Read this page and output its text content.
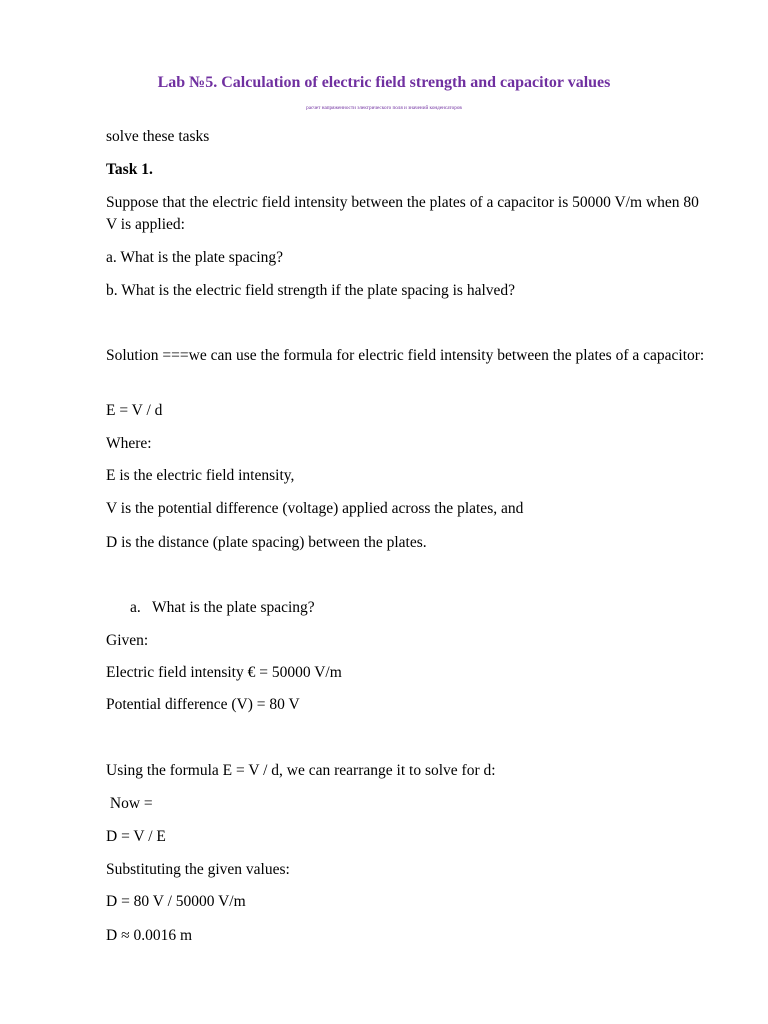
Lab №5. Calculation of electric field strength and capacitor values
расчет напряженности электрического поля и значений конденсаторов
solve these tasks
Task 1.
Suppose that the electric field intensity between the plates of a capacitor is 50000 V/m when 80 V is applied:
a. What is the plate spacing?
b. What is the electric field strength if the plate spacing is halved?
Solution ===we can use the formula for electric field intensity between the plates of a capacitor:
E = V / d
Where:
E is the electric field intensity,
V is the potential difference (voltage) applied across the plates, and
D is the distance (plate spacing) between the plates.
a. What is the plate spacing?
Given:
Electric field intensity € = 50000 V/m
Potential difference (V) = 80 V
Using the formula E = V / d, we can rearrange it to solve for d:
Now =
D = V / E
Substituting the given values:
D = 80 V / 50000 V/m
D ≈ 0.0016 m
